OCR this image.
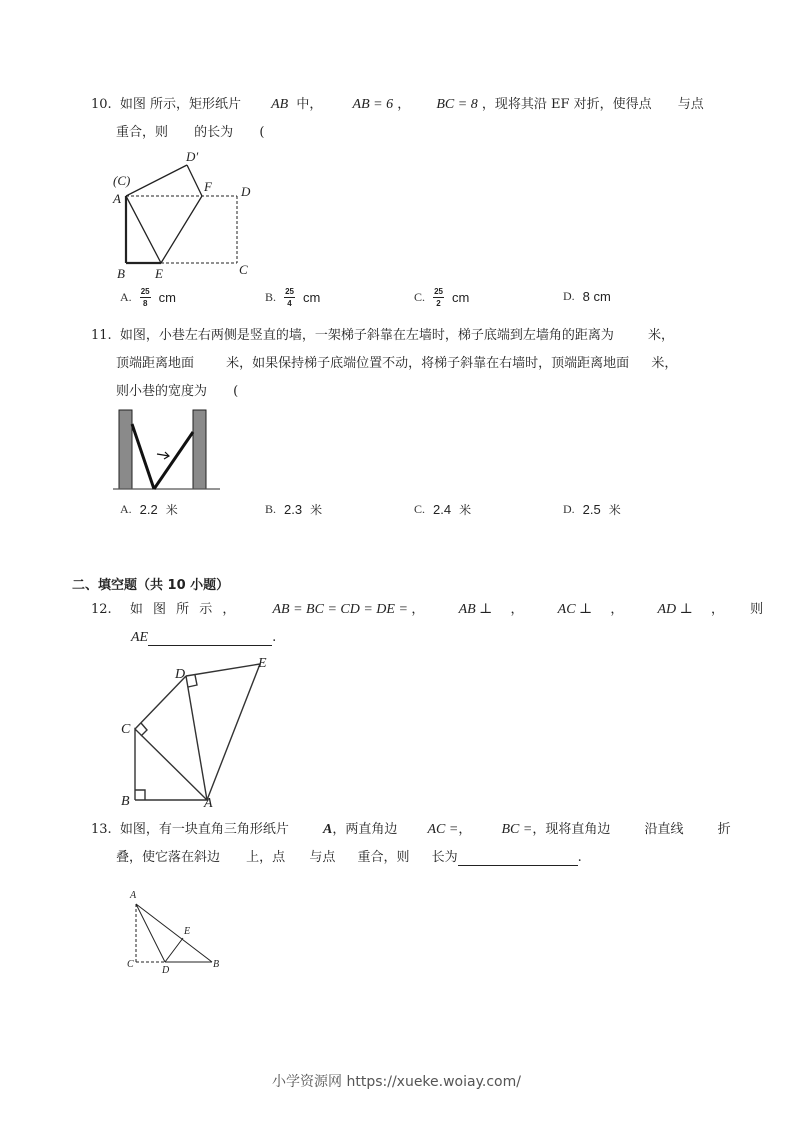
10. 如图 所示，矩形纸片 AB 中， AB = 6 ， BC = 8 ，现将其沿 EF 对折，使得点 与点
重合，则 的长为 (
(C)
A
D′
F D
B E	C
A. $\frac{25}{8}$ cm	B. $\frac{25}{4}$ cm	C. $\frac{25}{2}$ cm	D. 8 cm
11. 如图，小巷左右两侧是竖直的墙，一架梯子斜靠在左墙时，梯子底端到左墙角的距离为	米，
顶端距离地面 米，如果保持梯子底端位置不动，将梯子斜靠在右墙时，顶端距离地面 米，
则小巷的宽度为 (
A. 2.2 米	B. 2.3 米	C. 2.4 米	D. 2.5 米
二、填空题（共 10 小题）
12. 如 图 所 示 ， AB = BC = CD = DE = ， AB ⊥ ， AC ⊥ ， AD ⊥ ， 则
AE	.
C
B	A
D
E
13. 如图，有一块直角三角形纸片 A，两直角边 AC =， BC =，现将直角边	沿直线	折
叠，使它落在斜边 上，点 与点 重合，则 长为	.
A
E
C
D
B
小学资源网 https://xueke.woiay.com/
